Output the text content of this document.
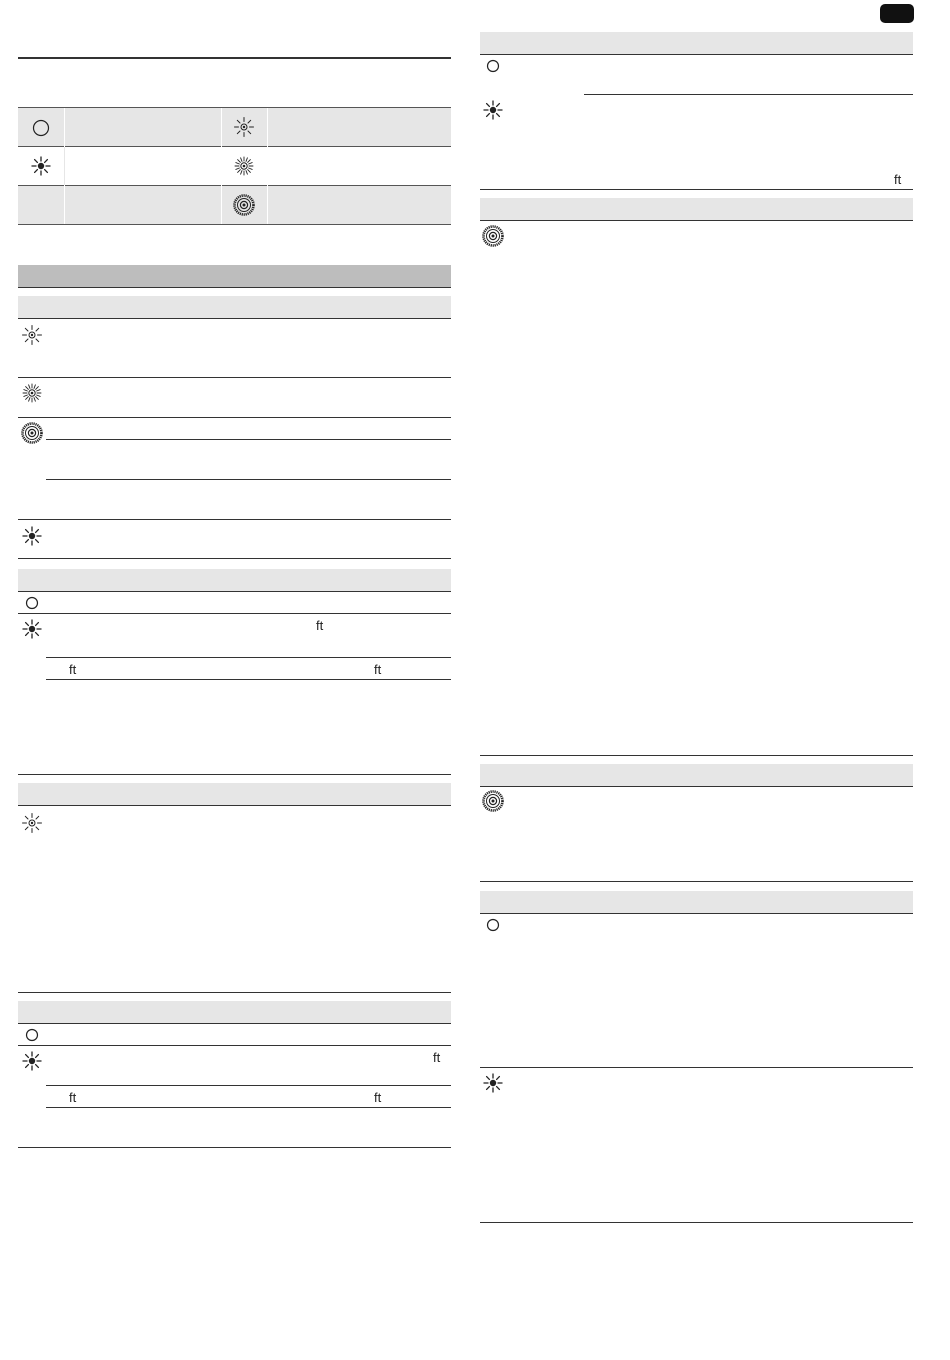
ft
ft	ft
ft
ft	ft
ft
